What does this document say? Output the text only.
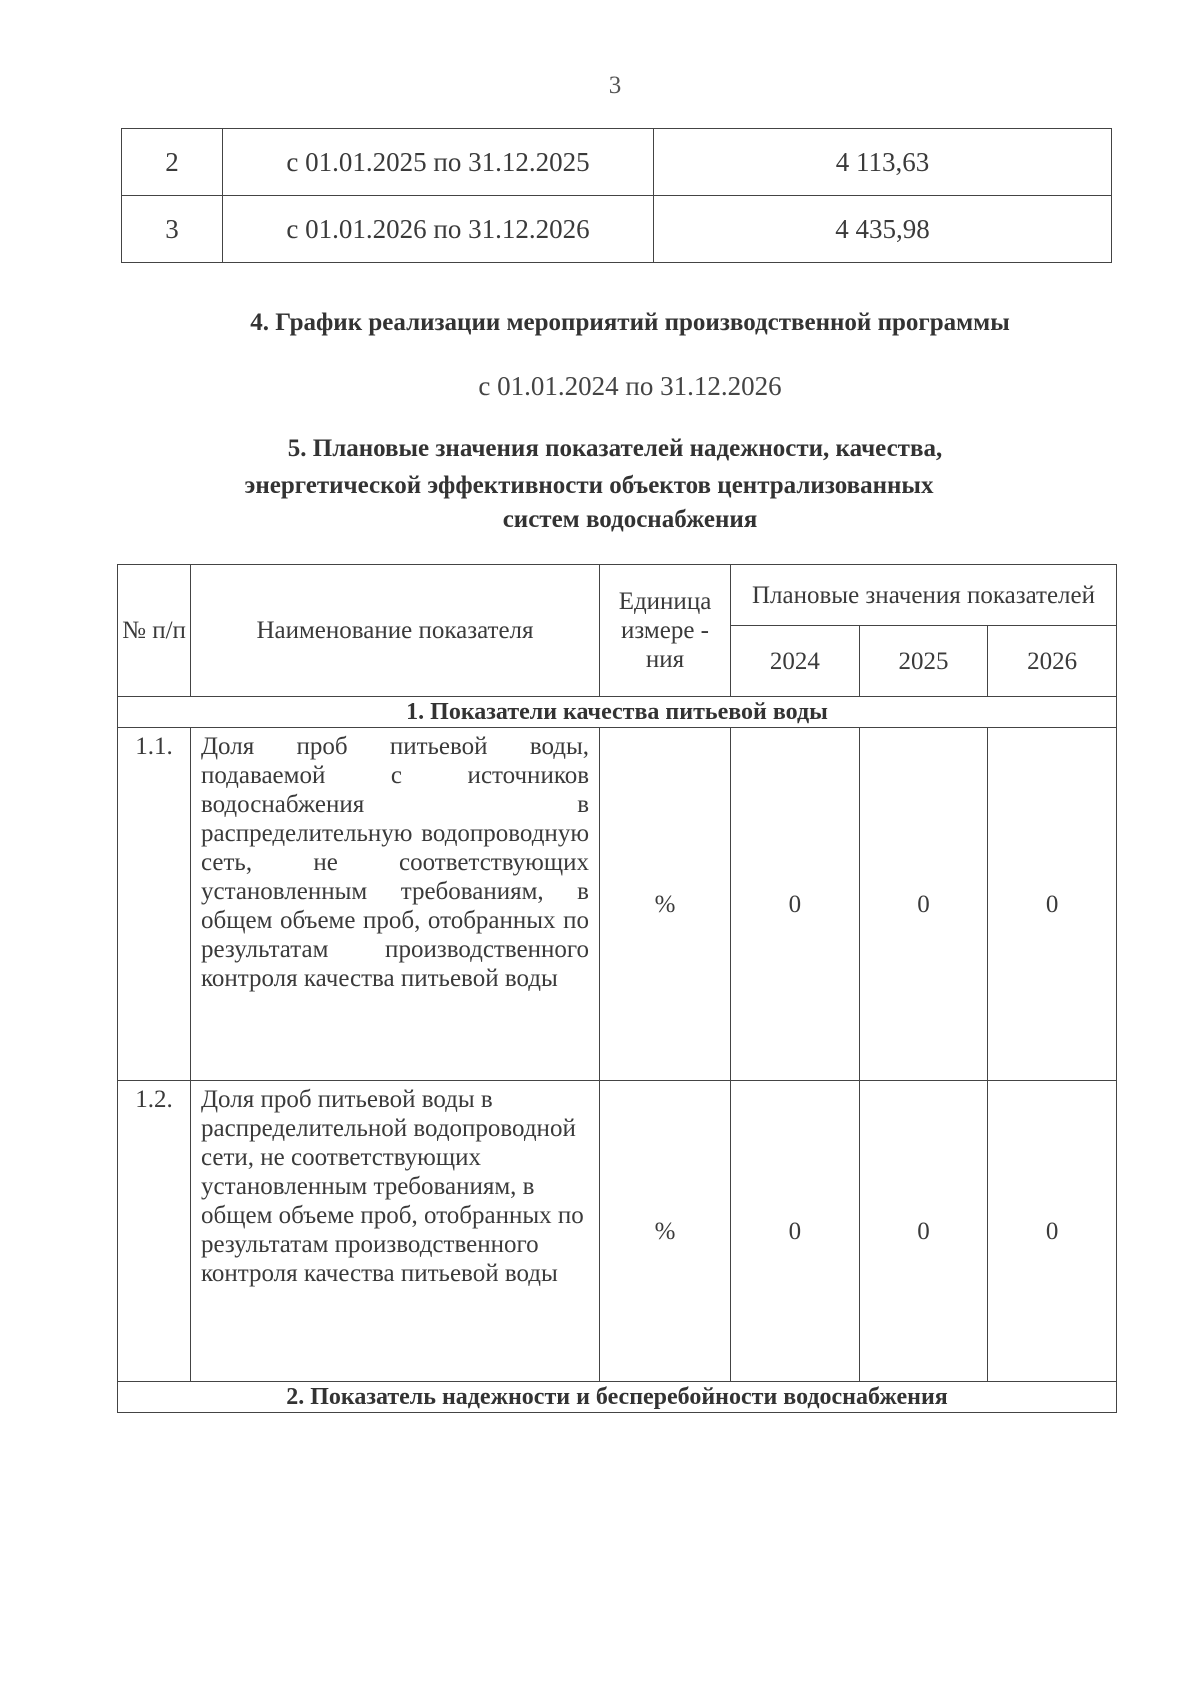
3
2	с 01.01.2025 по 31.12.2025	4 113,63
3	с 01.01.2026 по 31.12.2026	4 435,98
4. График реализации мероприятий производственной программы
с 01.01.2024 по 31.12.2026
5. Плановые значения показателей надежности, качества,
энергетической эффективности объектов централизованных
систем водоснабжения
№ п/п	Наименование показателя	Единица измере - ния	Плановые значения показателей		
			2024	2025	2026
1. Показатели качества питьевой воды					
1.1.	Доля проб питьевой воды, подаваемой с источников водоснабжения в распределительную водопроводную сеть, не соответствующих установленным требованиям, в общем объеме проб, отобранных по результатам производственного контроля качества питьевой воды	%	0	0	0
1.2.	Доля проб питьевой воды в распределительной водопроводной сети, не соответствующих установленным требованиям, в общем объеме проб, отобранных по результатам производственного контроля качества питьевой воды	%	0	0	0
2. Показатель надежности и бесперебойности водоснабжения					
